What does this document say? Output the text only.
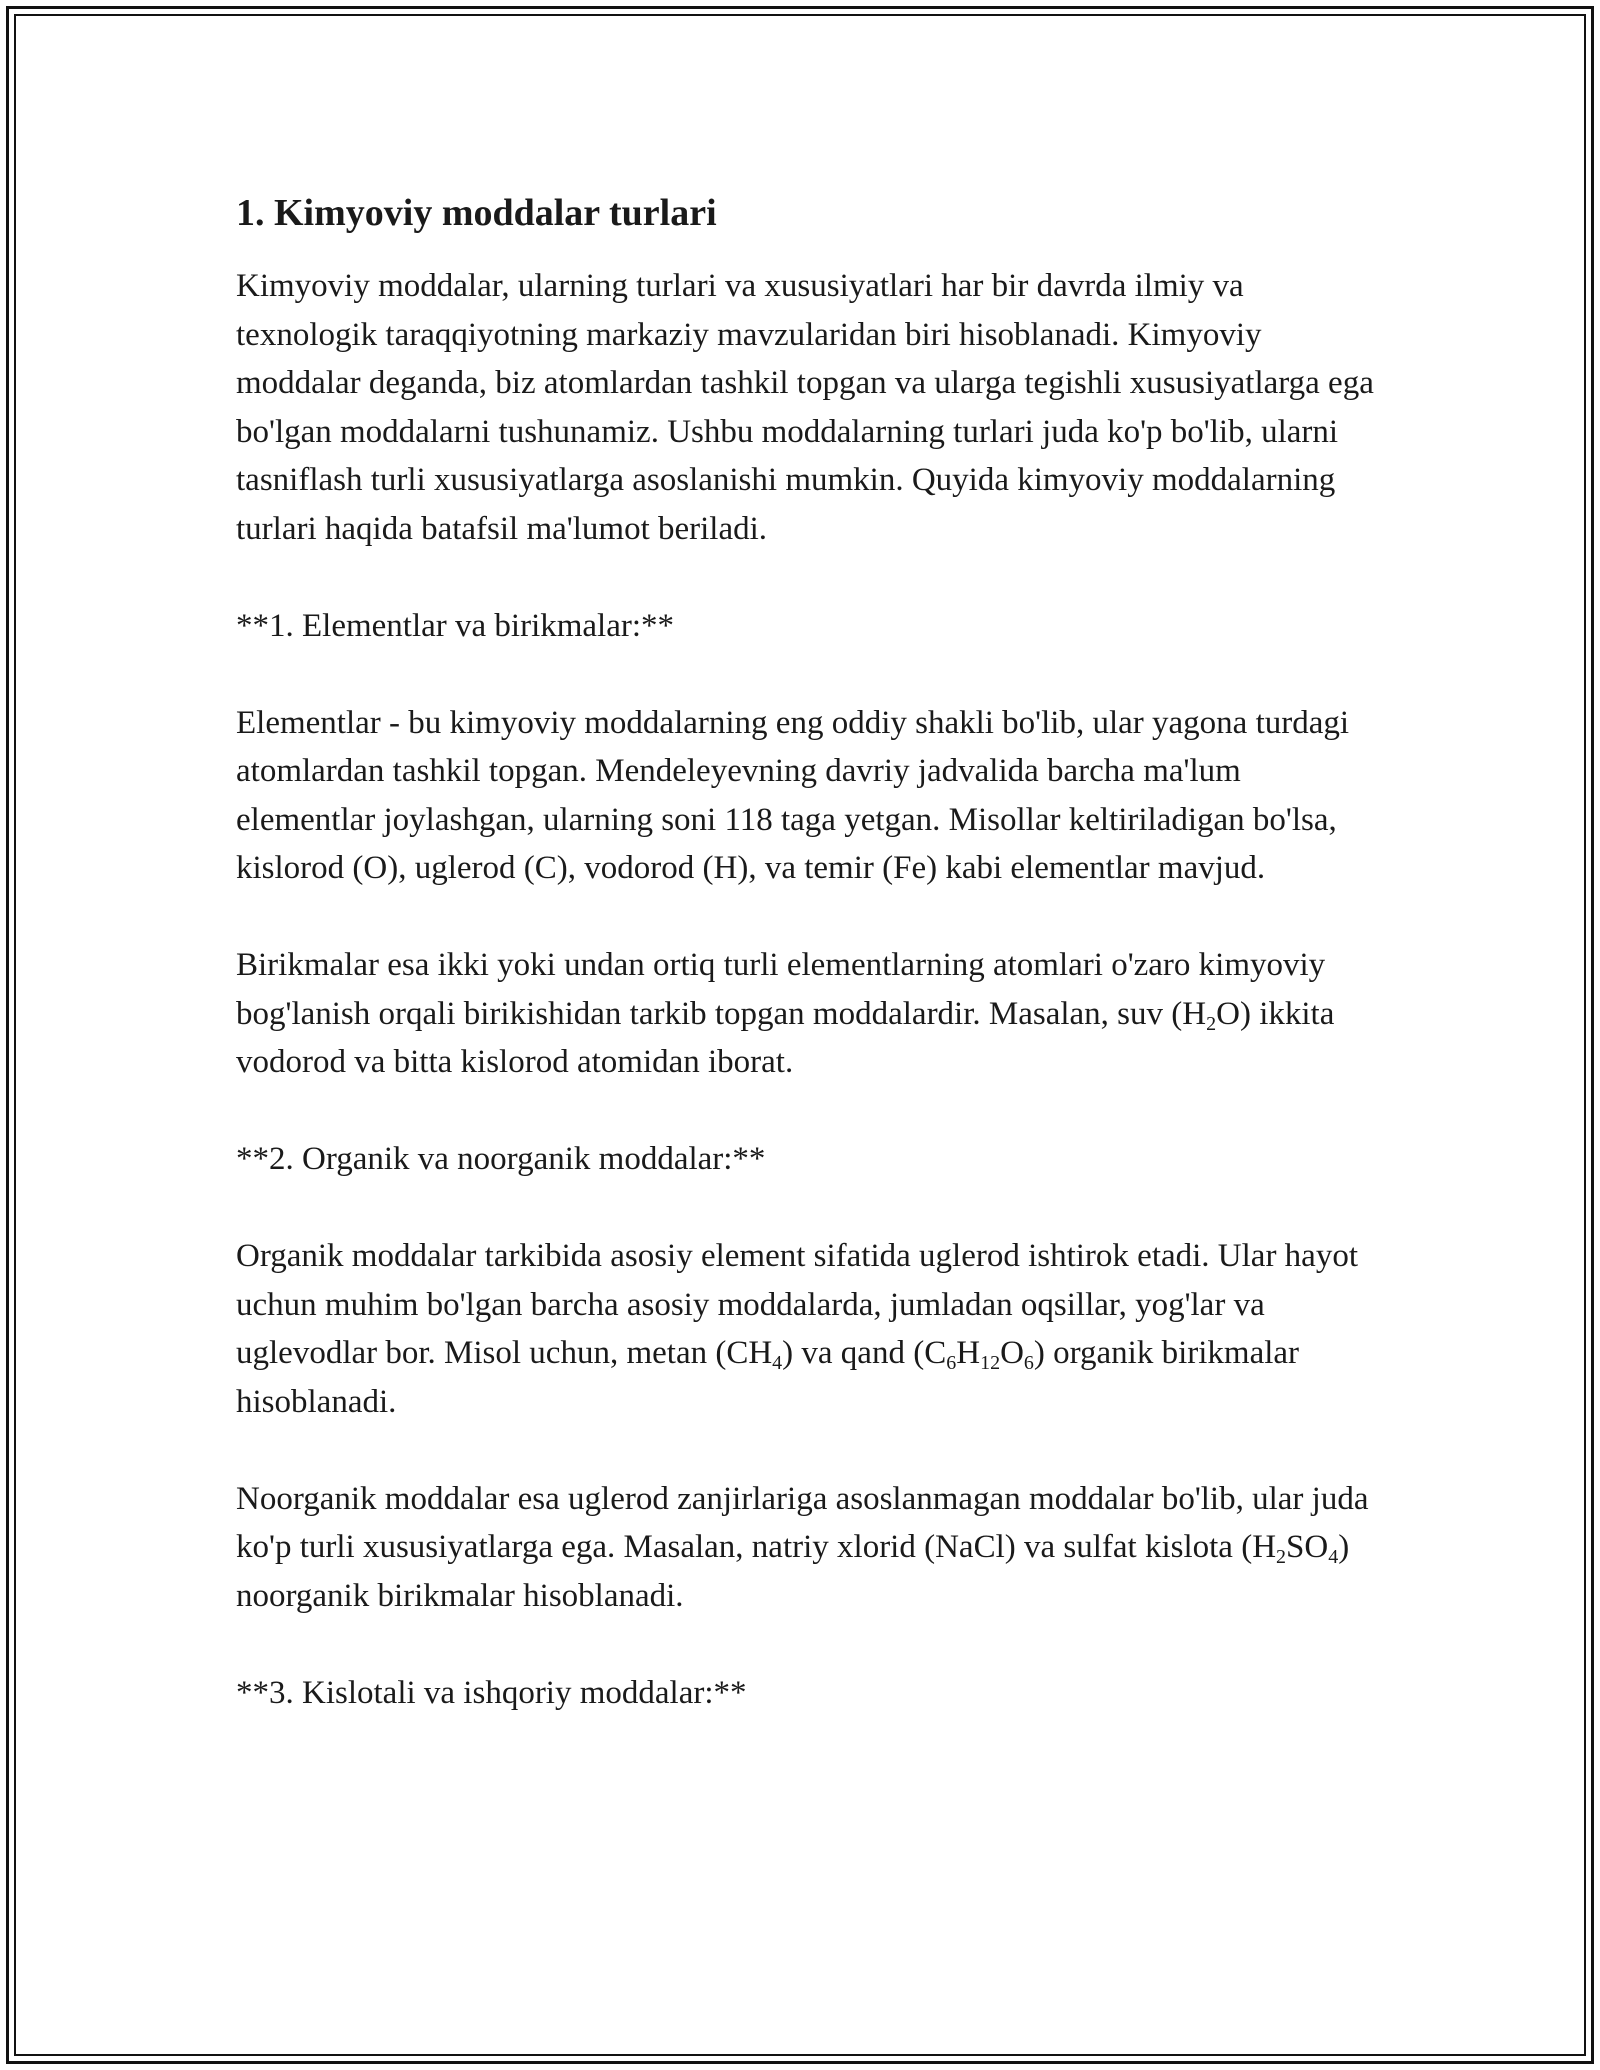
1. Kimyoviy moddalar turlari

Kimyoviy moddalar, ularning turlari va xususiyatlari har bir davrda ilmiy va texnologik taraqqiyotning markaziy mavzularidan biri hisoblanadi. Kimyoviy moddalar deganda, biz atomlardan tashkil topgan va ularga tegishli xususiyatlarga ega bo'lgan moddalarni tushunamiz. Ushbu moddalarning turlari juda ko'p bo'lib, ularni tasniflash turli xususiyatlarga asoslanishi mumkin. Quyida kimyoviy moddalarning turlari haqida batafsil ma'lumot beriladi.

**1. Elementlar va birikmalar:**

Elementlar - bu kimyoviy moddalarning eng oddiy shakli bo'lib, ular yagona turdagi atomlardan tashkil topgan. Mendeleyevning davriy jadvalida barcha ma'lum elementlar joylashgan, ularning soni 118 taga yetgan. Misollar keltiriladigan bo'lsa, kislorod (O), uglerod (C), vodorod (H), va temir (Fe) kabi elementlar mavjud.

Birikmalar esa ikki yoki undan ortiq turli elementlarning atomlari o'zaro kimyoviy bog'lanish orqali birikishidan tarkib topgan moddalardir. Masalan, suv $(H_2O)$ ikkita vodorod va bitta kislorod atomidan iborat.

**2. Organik va noorganik moddalar:**

Organik moddalar tarkibida asosiy element sifatida uglerod ishtirok etadi. Ular hayot uchun muhim bo'lgan barcha asosiy moddalarda, jumladan oqsillar, yog'lar va uglevodlar bor. Misol uchun, metan $(CH_4)$ va qand $(C_6H_{12}O_6)$ organik birikmalar hisoblanadi.

Noorganik moddalar esa uglerod zanjirlariga asoslanmagan moddalar bo'lib, ular juda ko'p turli xususiyatlarga ega. Masalan, natriy xlorid (NaCl) va sulfat kislota $(H_2SO_4)$ noorganik birikmalar hisoblanadi.

**3. Kislotali va ishqoriy moddalar:**
